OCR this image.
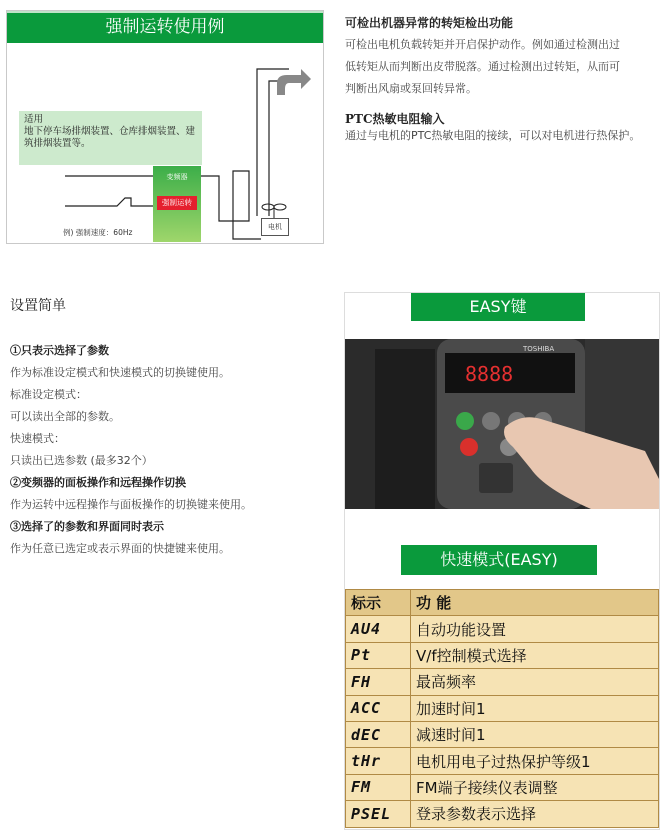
强制运转使用例
适用
地下停车场排烟装置、仓库排烟装置、建筑排烟装置等。
变频器
强制运转
电机
例) 强制速度：60Hz
可检出机器异常的转矩检出功能
可检出电机负载转矩并开启保护动作。例如通过检测出过
低转矩从而判断出皮带脱落。通过检测出过转矩，从而可
判断出风扇或泵回转异常。
PTC热敏电阻输入
通过与电机的PTC热敏电阻的接续，可以对电机进行热保护。
设置简单
①只表示选择了参数
作为标准设定模式和快速模式的切换键使用。
标准设定模式：
可以读出全部的参数。
快速模式：
只读出已选参数 (最多32个）
②变频器的面板操作和远程操作切换
作为运转中远程操作与面板操作的切换键来使用。
③选择了的参数和界面同时表示
作为任意已选定或表示界面的快捷键来使用。
EASY键
8888
TOSHIBA
快速模式(EASY)
标示	功 能
AU4	自动功能设置
Pt	V/f控制模式选择
FH	最高频率
ACC	加速时间1
dEC	减速时间1
tHr	电机用电子过热保护等级1
FM	FM端子接续仪表调整
PSEL	登录参数表示选择
